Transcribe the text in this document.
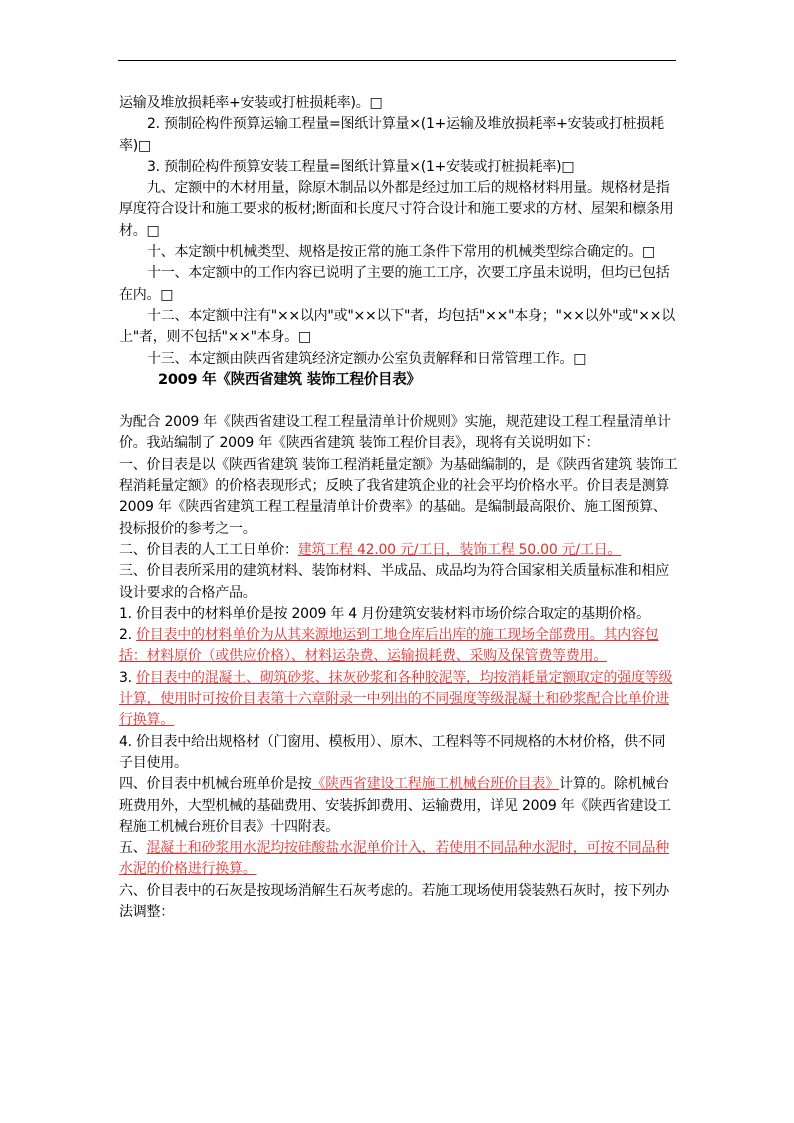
运输及堆放损耗率+安装或打桩损耗率)。□

2. 预制砼构件预算运输工程量=图纸计算量×(1+运输及堆放损耗率+安装或打桩损耗率)□

3. 预制砼构件预算安装工程量=图纸计算量×(1+安装或打桩损耗率)□

九、定额中的木材用量，除原木制品以外都是经过加工后的规格材料用量。规格材是指厚度符合设计和施工要求的板材;断面和长度尺寸符合设计和施工要求的方材、屋架和檩条用材。□

十、本定额中机械类型、规格是按正常的施工条件下常用的机械类型综合确定的。□

十一、本定额中的工作内容已说明了主要的施工工序，次要工序虽未说明，但均已包括在内。□

十二、本定额中注有"××以内"或"××以下"者，均包括"××"本身；"××以外"或"××以上"者，则不包括"××"本身。□

十三、本定额由陕西省建筑经济定额办公室负责解释和日常管理工作。□

2009 年《陕西省建筑 装饰工程价目表》

为配合 2009 年《陕西省建设工程工程量清单计价规则》实施，规范建设工程工程量清单计价。我站编制了 2009 年《陕西省建筑 装饰工程价目表》，现将有关说明如下：

一、价目表是以《陕西省建筑 装饰工程消耗量定额》为基础编制的，是《陕西省建筑 装饰工程消耗量定额》的价格表现形式；反映了我省建筑企业的社会平均价格水平。价目表是测算 2009 年《陕西省建筑工程工程量清单计价费率》的基础。是编制最高限价、施工图预算、投标报价的参考之一。

二、价目表的人工工日单价：建筑工程 42.00 元/工日，装饰工程 50.00 元/工日。

三、价目表所采用的建筑材料、装饰材料、半成品、成品均为符合国家相关质量标准和相应设计要求的合格产品。

1. 价目表中的材料单价是按 2009 年 4 月份建筑安装材料市场价综合取定的基期价格。

2. 价目表中的材料单价为从其来源地运到工地仓库后出库的施工现场全部费用。其内容包括：材料原价（或供应价格）、材料运杂费、运输损耗费、采购及保管费等费用。

3. 价目表中的混凝土、砌筑砂浆、抹灰砂浆和各种胶泥等，均按消耗量定额取定的强度等级计算，使用时可按价目表第十六章附录一中列出的不同强度等级混凝土和砂浆配合比单价进行换算。

4. 价目表中给出规格材（门窗用、模板用）、原木、工程料等不同规格的木材价格，供不同子目使用。

四、价目表中机械台班单价是按《陕西省建设工程施工机械台班价目表》计算的。除机械台班费用外，大型机械的基础费用、安装拆卸费用、运输费用，详见 2009 年《陕西省建设工程施工机械台班价目表》十四附表。

五、混凝土和砂浆用水泥均按硅酸盐水泥单价计入，若使用不同品种水泥时，可按不同品种水泥的价格进行换算。

六、价目表中的石灰是按现场消解生石灰考虑的。若施工现场使用袋装熟石灰时，按下列办法调整：
